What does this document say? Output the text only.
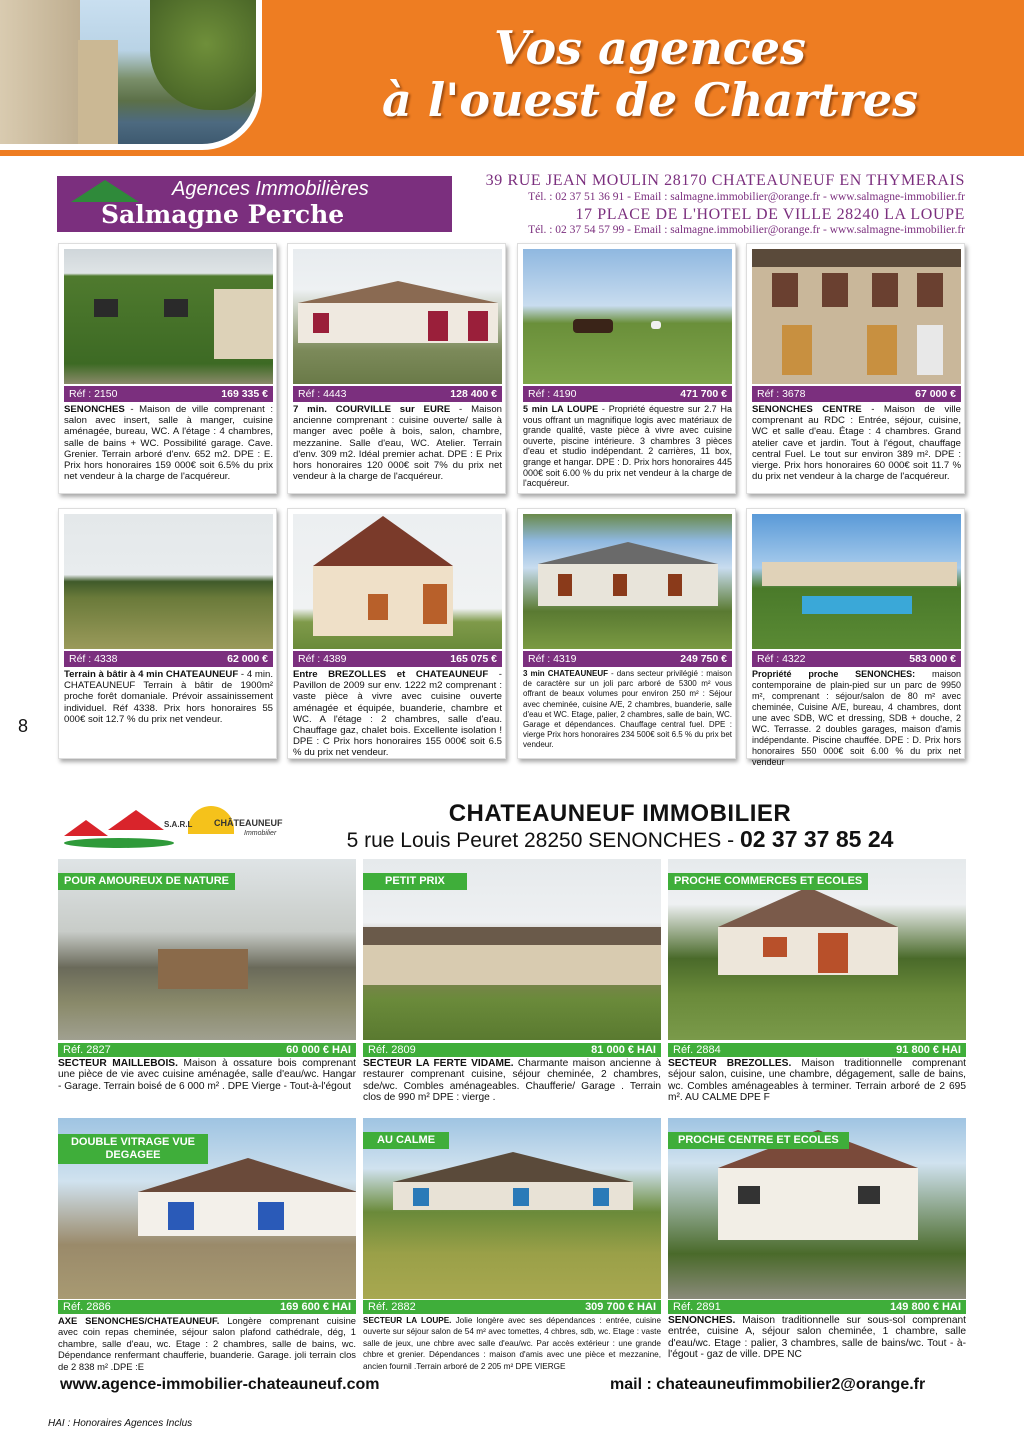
Vos agences
à l'ouest de Chartres
Agences Immobilières
Salmagne Perche
39 RUE JEAN MOULIN 28170 CHATEAUNEUF EN THYMERAIS
Tél. : 02 37 51 36 91 - Email : salmagne.immobilier@orange.fr - www.salmagne-immobilier.fr
17 PLACE DE L'HOTEL DE VILLE 28240 LA LOUPE
Tél. : 02 37 54 57 99 - Email : salmagne.immobilier@orange.fr - www.salmagne-immobilier.fr
Réf : 2150	169 335 €
SENONCHES - Maison de ville comprenant : salon avec insert, salle à manger, cuisine aménagée, bureau, WC. A l'étage : 4 chambres, salle de bains + WC. Possibilité garage. Cave. Grenier. Terrain arboré d'env. 652 m2. DPE : E. Prix hors honoraires 159 000€ soit 6.5% du prix net vendeur à la charge de l'acquéreur.
Réf : 4443	128 400 €
7 min. COURVILLE sur EURE - Maison ancienne comprenant : cuisine ouverte/ salle à manger avec poêle à bois, salon, chambre, mezzanine. Salle d'eau, WC. Atelier. Terrain d'env. 309 m2. Idéal premier achat. DPE : E Prix hors honoraires 120 000€ soit 7% du prix net vendeur à la charge de l'acquéreur.
Réf : 4190	471 700 €
5 min LA LOUPE - Propriété équestre sur 2.7 Ha vous offrant un magnifique logis avec matériaux de grande qualité, vaste pièce à vivre avec cuisine ouverte, piscine intérieure. 3 chambres 3 pièces d'eau et studio indépendant. 2 carrières, 11 box, grange et hangar. DPE : D. Prix hors honoraires 445 000€ soit 6.00 % du prix net vendeur à la charge de l'acquéreur.
Réf : 3678	67 000 €
SENONCHES CENTRE - Maison de ville comprenant au RDC : Entrée, séjour, cuisine, WC et salle d'eau. Étage : 4 chambres. Grand atelier cave et jardin. Tout à l'égout, chauffage central Fuel. Le tout sur environ 389 m². DPE : vierge. Prix hors honoraires 60 000€ soit 11.7 % du prix net vendeur à la charge de l'acquéreur.
Réf : 4338	62 000 €
Terrain à bâtir à 4 min CHATEAUNEUF - 4 min. CHATEAUNEUF Terrain à bâtir de 1900m² proche forêt domaniale. Prévoir assainissement individuel. Réf 4338. Prix hors honoraires 55 000€ soit 12.7 % du prix net vendeur.
Réf : 4389	165 075 €
Entre BREZOLLES et CHATEAUNEUF - Pavillon de 2009 sur env. 1222 m2 comprenant : vaste pièce à vivre avec cuisine ouverte aménagée et équipée, buanderie, chambre et WC. A l'étage : 2 chambres, salle d'eau. Chauffage gaz, chalet bois. Excellente isolation ! DPE : C Prix hors honoraires 155 000€ soit 6.5 % du prix net vendeur.
Réf : 4319	249 750 €
3 min CHATEAUNEUF - dans secteur privilégié : maison de caractère sur un joli parc arboré de 5300 m² vous offrant de beaux volumes pour environ 250 m² : Séjour avec cheminée, cuisine A/E, 2 chambres, buanderie, salle d'eau et WC. Etage, palier, 2 chambres, salle de bain, WC. Garage et dépendances. Chauffage central fuel. DPE : vierge Prix hors honoraires 234 500€ soit 6.5 % du prix bet vendeur.
Réf : 4322	583 000 €
Propriété proche SENONCHES: maison contemporaine de plain-pied sur un parc de 9950 m², comprenant : séjour/salon de 80 m² avec cheminée, Cuisine A/E, bureau, 4 chambres, dont une avec SDB, WC et dressing, SDB + douche, 2 WC. Terrasse. 2 doubles garages, maison d'amis indépendante. Piscine chauffée. DPE : D. Prix hors honoraires 550 000€ soit 6.00 % du prix net vendeur
8
S.A.R.L CHÂTEAUNEUF
Immobilier
CHATEAUNEUF IMMOBILIER
5 rue Louis Peuret 28250 SENONCHES - 02 37 37 85 24
POUR AMOUREUX DE NATURE
Réf. 2827	60 000 € HAI
SECTEUR MAILLEBOIS. Maison à ossature bois comprenant une pièce de vie avec cuisine aménagée, salle d'eau/wc. Hangar - Garage. Terrain boisé de 6 000 m² . DPE Vierge - Tout-à-l'égout
PETIT PRIX
Réf. 2809	81 000 € HAI
SECTEUR LA FERTE VIDAME. Charmante maison ancienne à restaurer comprenant cuisine, séjour cheminée, 2 chambres, sde/wc. Combles aménageables. Chaufferie/ Garage . Terrain clos de 990 m² DPE : vierge .
PROCHE COMMERCES ET ECOLES
Réf. 2884	91 800 € HAI
SECTEUR BREZOLLES. Maison traditionnelle comprenant séjour salon, cuisine, une chambre, dégagement, salle de bains, wc. Combles aménageables à terminer. Terrain arboré de 2 695 m². AU CALME DPE F
DOUBLE VITRAGE VUE DEGAGEE
Réf. 2886	169 600 € HAI
AXE SENONCHES/CHATEAUNEUF. Longère comprenant cuisine avec coin repas cheminée, séjour salon plafond cathédrale, dég, 1 chambre, salle d'eau, wc. Etage : 2 chambres, salle de bains, wc. Dépendance renfermant chaufferie, buanderie. Garage. joli terrain clos de 2 838 m² .DPE :E
AU CALME
Réf. 2882	309 700 € HAI
SECTEUR LA LOUPE. Jolie longère avec ses dépendances : entrée, cuisine ouverte sur séjour salon de 54 m² avec tomettes, 4 chbres, sdb, wc. Etage : vaste salle de jeux, une chbre avec salle d'eau/wc. Par accès extérieur : une grande chbre et grenier. Dépendances : maison d'amis avec une pièce et mezzanine, ancien fournil .Terrain arboré de 2 205 m² DPE VIERGE
PROCHE CENTRE ET ECOLES
Réf. 2891	149 800 € HAI
SENONCHES. Maison traditionnelle sur sous-sol comprenant entrée, cuisine A, séjour salon cheminée, 1 chambre, salle d'eau/wc. Etage : palier, 3 chambres, salle de bains/wc. Tout - à- l'égout - gaz de ville. DPE NC
www.agence-immobilier-chateauneuf.com	mail : chateauneufimmobilier2@orange.fr
HAI : Honoraires Agences Inclus
